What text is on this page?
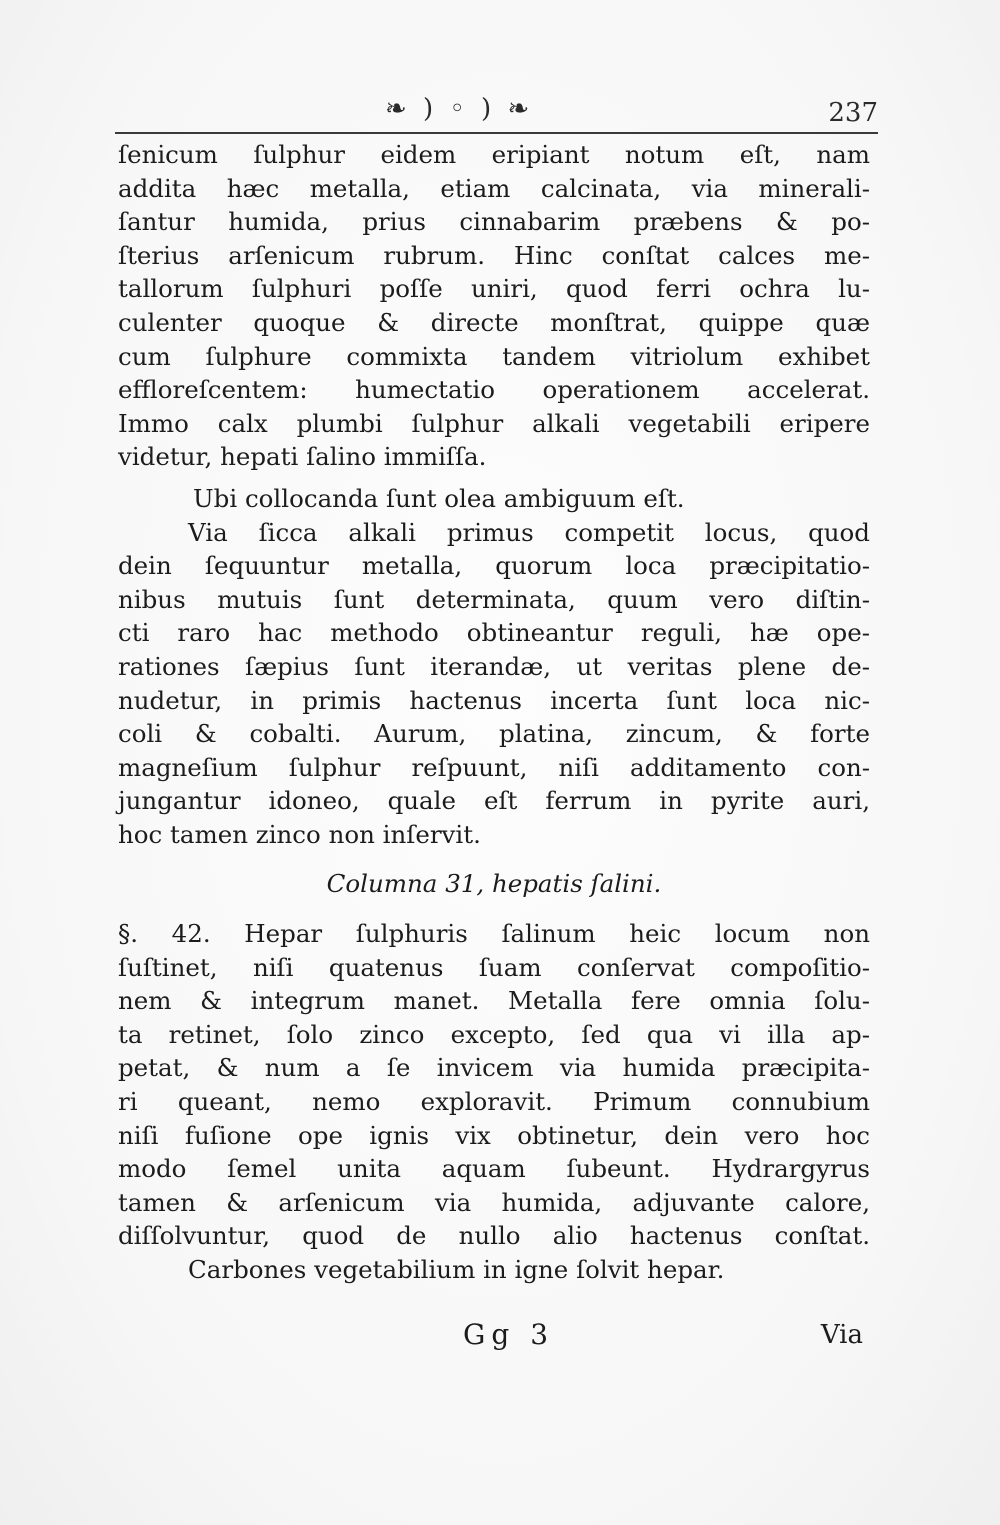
❧ ) ◦ ) ❧	237
ſenicum ſulphur eidem eripiant notum eſt, nam
addita hæc metalla, etiam calcinata, via minerali-
ſantur humida, prius cinnabarim præbens & po-
ſterius arſenicum rubrum. Hinc conſtat calces me-
tallorum ſulphuri poſſe uniri, quod ferri ochra lu-
culenter quoque & directe monſtrat, quippe quæ
cum ſulphure commixta tandem vitriolum exhibet
efflorеſcentem: humectatio operationem accelerat.
Immo calx plumbi ſulphur alkali vegetabili eripere
videtur, hepati ſalino immiſſa.
Ubi collocanda ſunt olea ambiguum eſt.
Via ſicca alkali primus competit locus, quod
dein ſequuntur metalla, quorum loca præcipitatio-
nibus mutuis ſunt determinata, quum vero diſtin-
cti raro hac methodo obtineantur reguli, hæ ope-
rationes ſæpius ſunt iterandæ, ut veritas plene de-
nudetur, in primis hactenus incerta ſunt loca nic-
coli & cobalti. Aurum, platina, zincum, & forte
magneſium ſulphur reſpuunt, niſi additamento con-
jungantur idoneo, quale eſt ferrum in pyrite auri,
hoc tamen zinco non inſervit.
Columna 31, hepatis ſalini.
§. 42. Hepar ſulphuris ſalinum heic locum non
ſuſtinet, niſi quatenus ſuam conſervat compoſitio-
nem & integrum manet. Metalla fere omnia ſolu-
ta retinet, ſolo zinco excepto, ſed qua vi illa ap-
petat, & num a ſe invicem via humida præcipita-
ri queant, nemo exploravit. Primum connubium
niſi fuſione ope ignis vix obtinetur, dein vero hoc
modo ſemel unita aquam ſubeunt. Hydrargyrus
tamen & arſenicum via humida, adjuvante calore,
diſſolvuntur, quod de nullo alio hactenus conſtat.
Carbones vegetabilium in igne ſolvit hepar.
Gg 3	Via
